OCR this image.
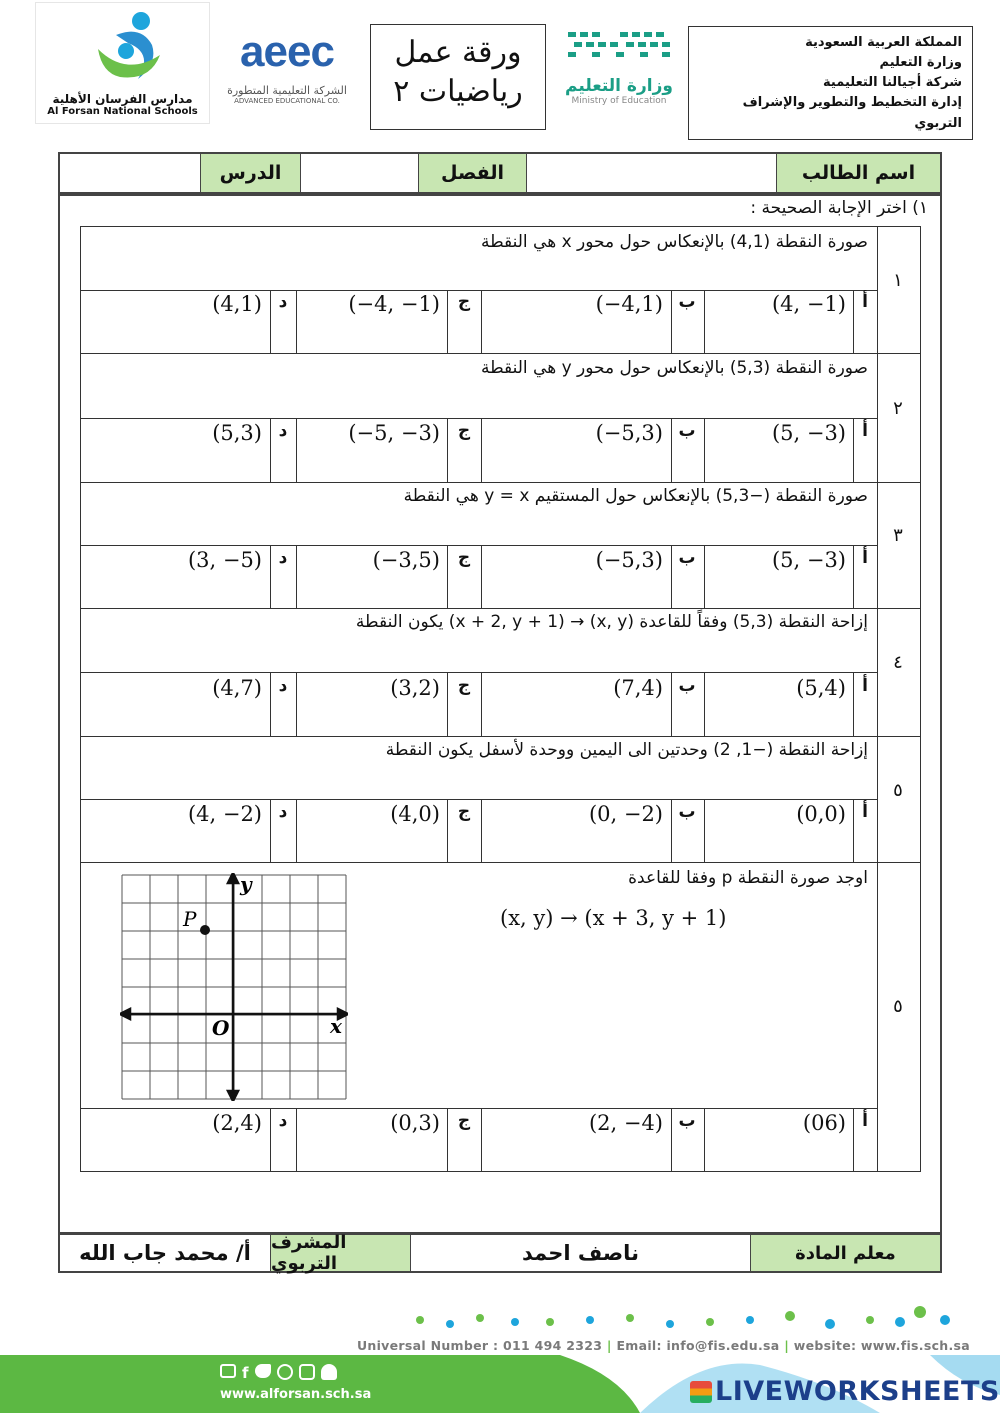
مدارس الفرسان الأهلية
Al Forsan National Schools
aeec
الشركة التعليمية المتطورة
ADVANCED EDUCATIONAL CO.
ورقة عمل
رياضيات ٢	وزارة التعليم
Ministry of Education
المملكة العربية السعودية
وزارة التعليم
شركة أجيالنا التعليمية
إدارة التخطيط والتطوير والإشراف التربوي
اسم الطالب
الفصل
الدرس
١) اختر الإجابة الصحيحة :
١
صورة النقطة (4,1) بالإنعكاس حول محور x هي النقطة
أ
(4, −1)
ب
(−4,1)
ج
(−4, −1)
د
(4,1)
٢
صورة النقطة (5,3) بالإنعكاس حول محور y هي النقطة
أ
(5, −3)
ب
(−5,3)
ج
(−5, −3)
د
(5,3)
٣
صورة النقطة (−5,3) بالإنعكاس حول المستقيم y = x هي النقطة
أ
(5, −3)
ب
(−5,3)
ج
(−3,5)
د
(3, −5)
٤
إزاحة النقطة (5,3) وفقاً للقاعدة (x, y) → (x + 2, y + 1) يكون النقطة
أ
(5,4)
ب
(7,4)
ج
(3,2)
د
(4,7)
٥
إزاحة النقطة (−1, 2) وحدتين الى اليمين ووحدة لأسفل يكون النقطة
أ
(0,0)
ب
(0, −2)
ج
(4,0)
د
(4, −2)
٥
اوجد صورة النقطة p وفقا للقاعدة
(x, y) → (x + 3, y + 1)
P
y
x
O
أ
(06)
ب
(2, −4)
ج
(0,3)
د
(2,4)
معلم المادة
ناصف احمد
المشرف التربوي
أ/ محمد جاب الله
Universal Number : 011 494 2323 | Email: info@fis.edu.sa | website: www.fis.sch.sa
f
www.alforsan.sch.sa	LIVEWORKSHEETS
